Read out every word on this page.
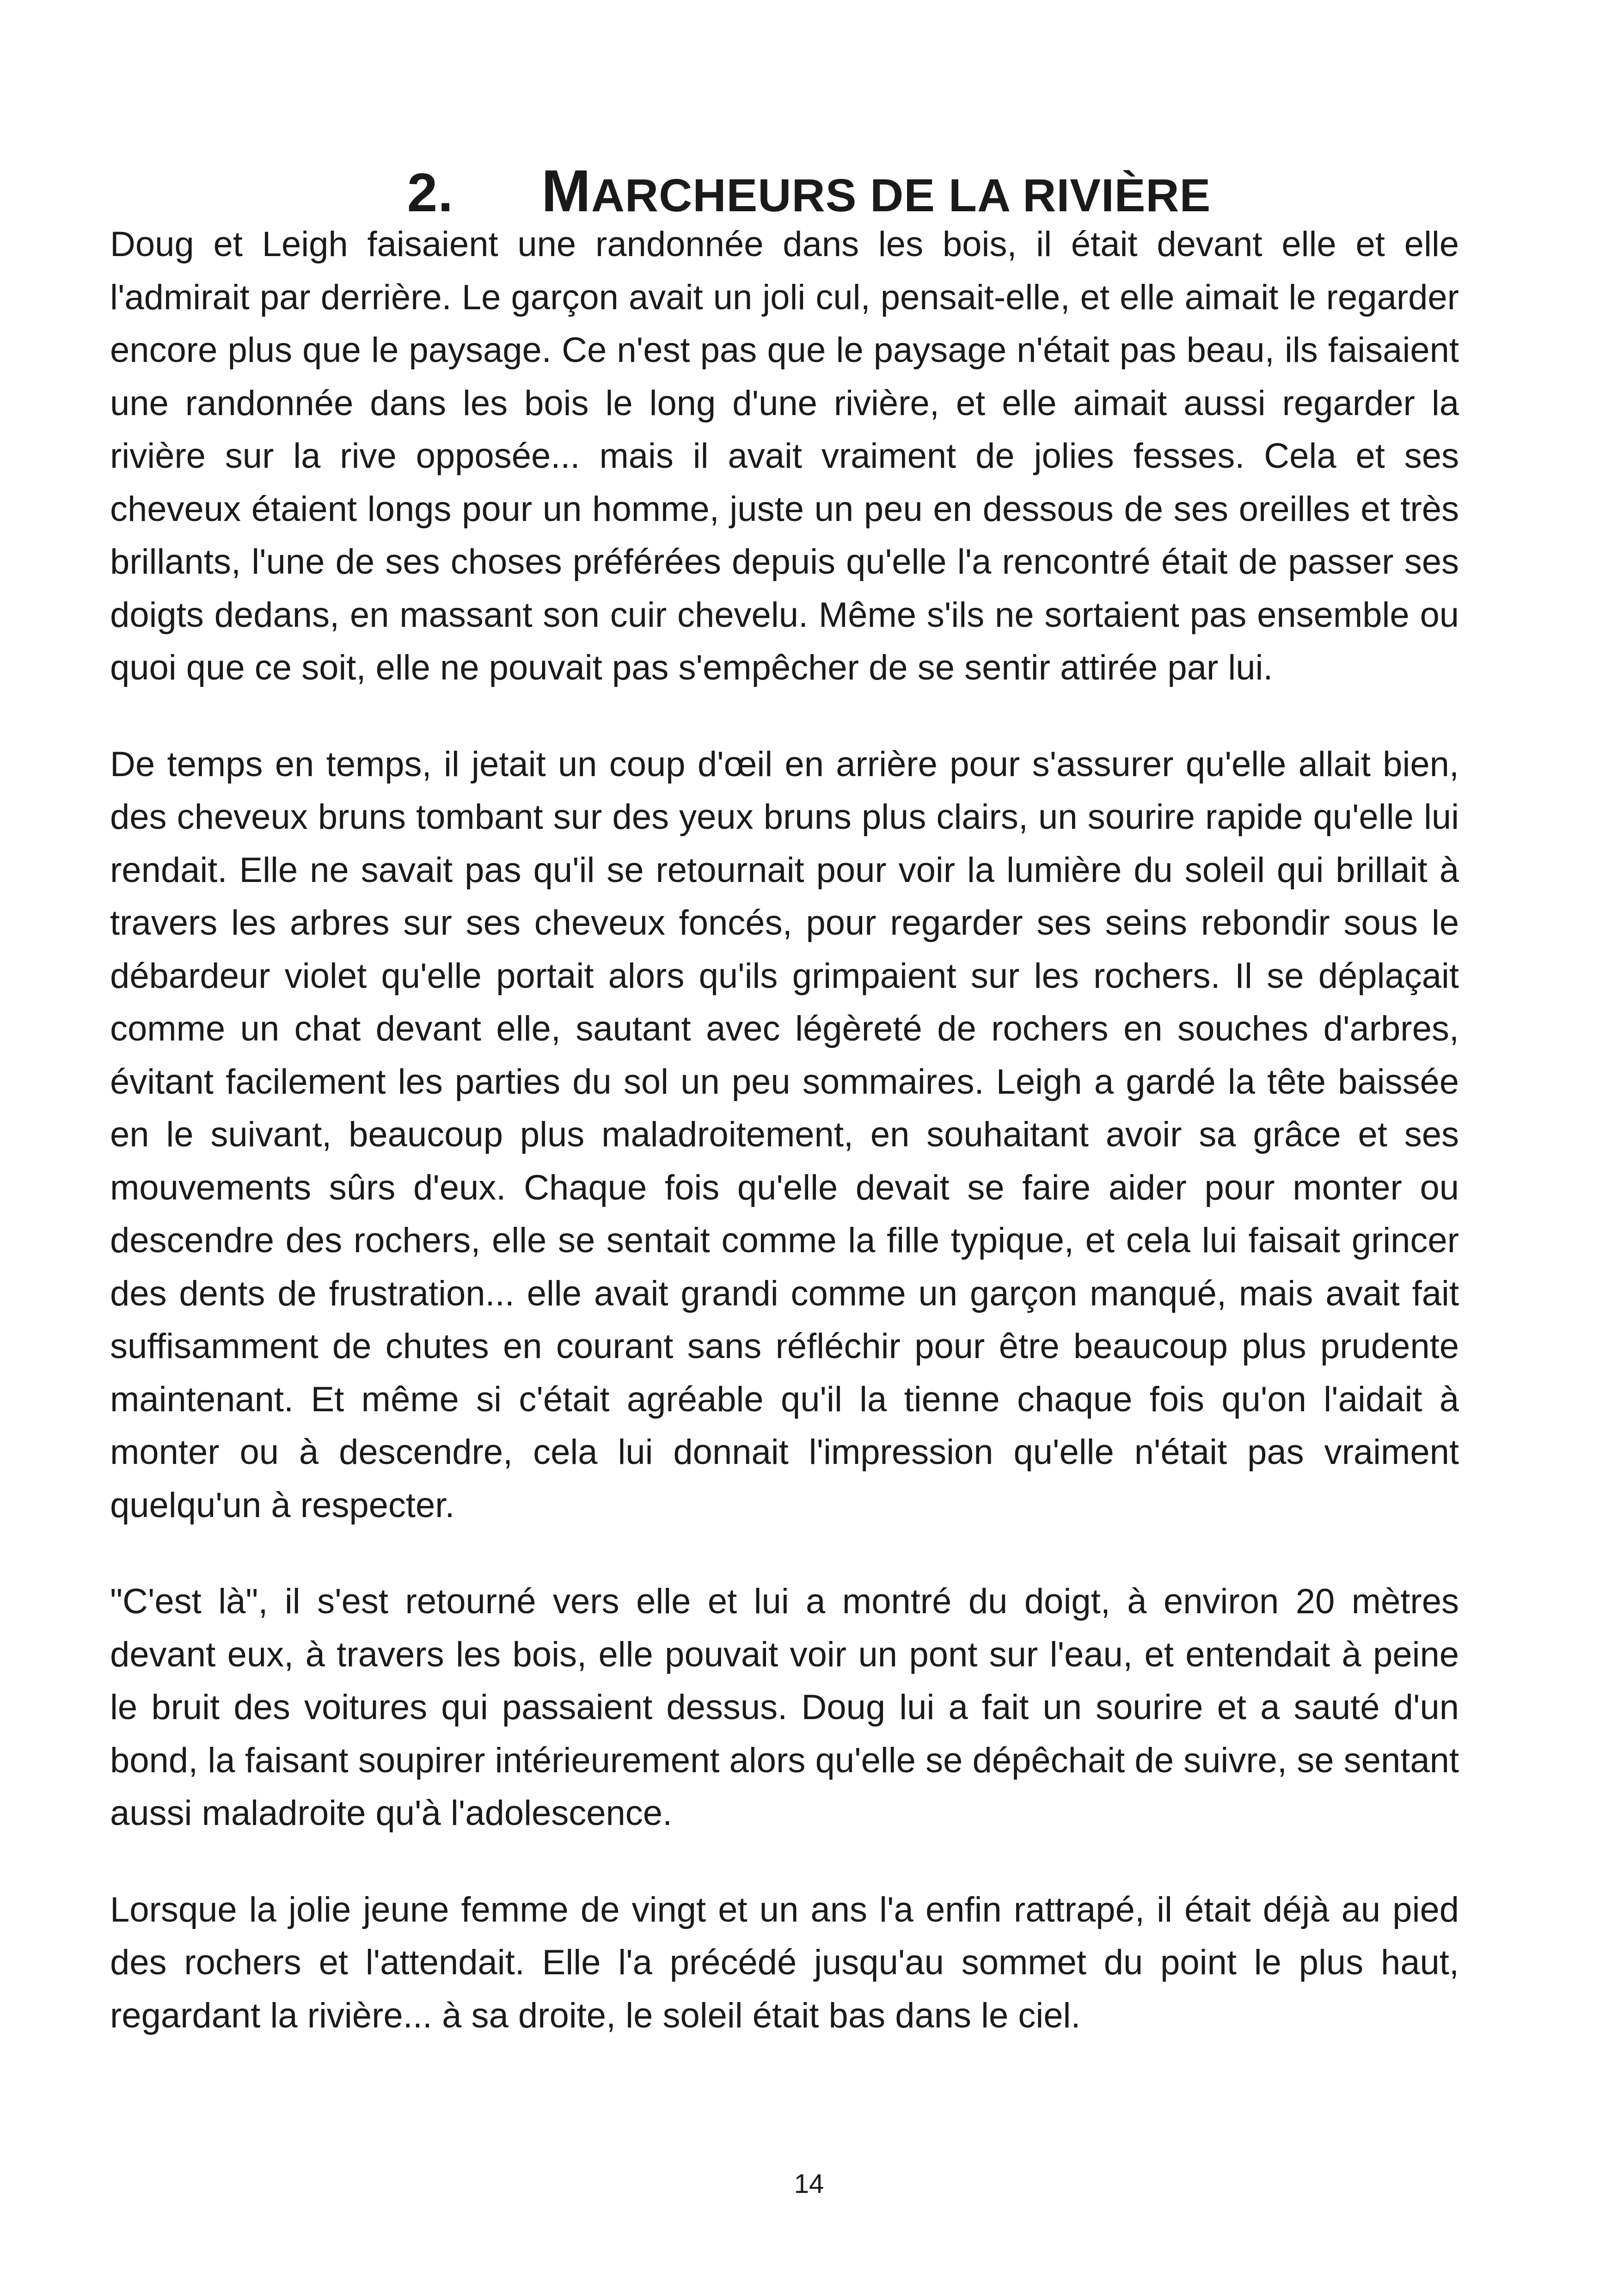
2. MARCHEURS DE LA RIVIÈRE

Doug et Leigh faisaient une randonnée dans les bois, il était devant elle et elle l'admirait par derrière. Le garçon avait un joli cul, pensait-elle, et elle aimait le regarder encore plus que le paysage. Ce n'est pas que le paysage n'était pas beau, ils faisaient une randonnée dans les bois le long d'une rivière, et elle aimait aussi regarder la rivière sur la rive opposée... mais il avait vraiment de jolies fesses. Cela et ses cheveux étaient longs pour un homme, juste un peu en dessous de ses oreilles et très brillants, l'une de ses choses préférées depuis qu'elle l'a rencontré était de passer ses doigts dedans, en massant son cuir chevelu. Même s'ils ne sortaient pas ensemble ou quoi que ce soit, elle ne pouvait pas s'empêcher de se sentir attirée par lui.

De temps en temps, il jetait un coup d'œil en arrière pour s'assurer qu'elle allait bien, des cheveux bruns tombant sur des yeux bruns plus clairs, un sourire rapide qu'elle lui rendait. Elle ne savait pas qu'il se retournait pour voir la lumière du soleil qui brillait à travers les arbres sur ses cheveux foncés, pour regarder ses seins rebondir sous le débardeur violet qu'elle portait alors qu'ils grimpaient sur les rochers. Il se déplaçait comme un chat devant elle, sautant avec légèreté de rochers en souches d'arbres, évitant facilement les parties du sol un peu sommaires. Leigh a gardé la tête baissée en le suivant, beaucoup plus maladroitement, en souhaitant avoir sa grâce et ses mouvements sûrs d'eux. Chaque fois qu'elle devait se faire aider pour monter ou descendre des rochers, elle se sentait comme la fille typique, et cela lui faisait grincer des dents de frustration... elle avait grandi comme un garçon manqué, mais avait fait suffisamment de chutes en courant sans réfléchir pour être beaucoup plus prudente maintenant. Et même si c'était agréable qu'il la tienne chaque fois qu'on l'aidait à monter ou à descendre, cela lui donnait l'impression qu'elle n'était pas vraiment quelqu'un à respecter.

"C'est là", il s'est retourné vers elle et lui a montré du doigt, à environ 20 mètres devant eux, à travers les bois, elle pouvait voir un pont sur l'eau, et entendait à peine le bruit des voitures qui passaient dessus. Doug lui a fait un sourire et a sauté d'un bond, la faisant soupirer intérieurement alors qu'elle se dépêchait de suivre, se sentant aussi maladroite qu'à l'adolescence.

Lorsque la jolie jeune femme de vingt et un ans l'a enfin rattrapé, il était déjà au pied des rochers et l'attendait. Elle l'a précédé jusqu'au sommet du point le plus haut, regardant la rivière... à sa droite, le soleil était bas dans le ciel.

14
